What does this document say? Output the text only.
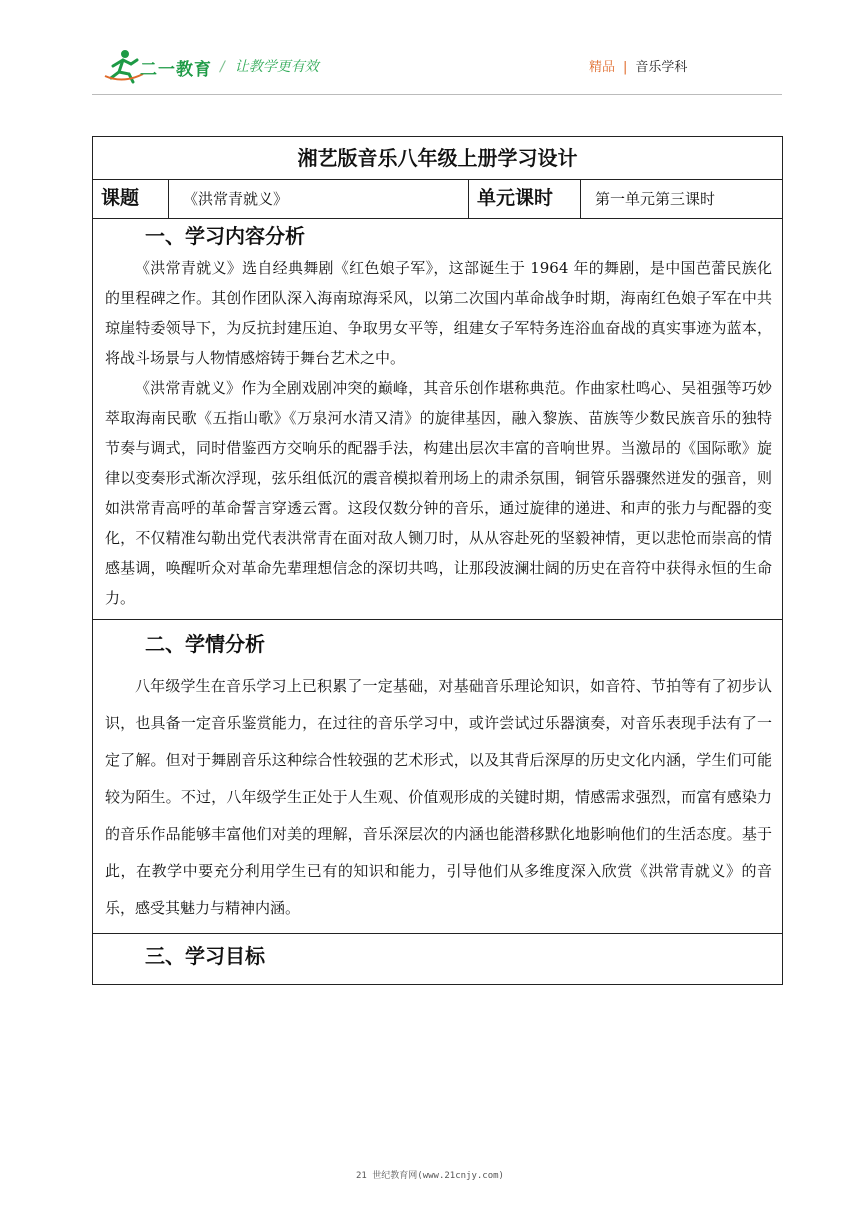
二一教育 / 让教学更有效	精品 | 音乐学科
湘艺版音乐八年级上册学习设计
课题	《洪常青就义》	单元课时	第一单元第三课时

一、学习内容分析

《洪常青就义》选自经典舞剧《红色娘子军》，这部诞生于 1964 年的舞剧，是中国芭蕾民族化的里程碑之作。其创作团队深入海南琼海采风，以第二次国内革命战争时期，海南红色娘子军在中共琼崖特委领导下，为反抗封建压迫、争取男女平等，组建女子军特务连浴血奋战的真实事迹为蓝本，将战斗场景与人物情感熔铸于舞台艺术之中。

《洪常青就义》作为全剧戏剧冲突的巅峰，其音乐创作堪称典范。作曲家杜鸣心、吴祖强等巧妙萃取海南民歌《五指山歌》《万泉河水清又清》的旋律基因，融入黎族、苗族等少数民族音乐的独特节奏与调式，同时借鉴西方交响乐的配器手法，构建出层次丰富的音响世界。当激昂的《国际歌》旋律以变奏形式渐次浮现，弦乐组低沉的震音模拟着刑场上的肃杀氛围，铜管乐器骤然迸发的强音，则如洪常青高呼的革命誓言穿透云霄。这段仅数分钟的音乐，通过旋律的递进、和声的张力与配器的变化，不仅精准勾勒出党代表洪常青在面对敌人铡刀时，从从容赴死的坚毅神情，更以悲怆而崇高的情感基调，唤醒听众对革命先辈理想信念的深切共鸣，让那段波澜壮阔的历史在音符中获得永恒的生命力。

二、学情分析

八年级学生在音乐学习上已积累了一定基础，对基础音乐理论知识，如音符、节拍等有了初步认识，也具备一定音乐鉴赏能力，在过往的音乐学习中，或许尝试过乐器演奏，对音乐表现手法有了一定了解。但对于舞剧音乐这种综合性较强的艺术形式，以及其背后深厚的历史文化内涵，学生们可能较为陌生。不过，八年级学生正处于人生观、价值观形成的关键时期，情感需求强烈，而富有感染力的音乐作品能够丰富他们对美的理解，音乐深层次的内涵也能潜移默化地影响他们的生活态度。基于此，在教学中要充分利用学生已有的知识和能力，引导他们从多维度深入欣赏《洪常青就义》的音乐，感受其魅力与精神内涵。

三、学习目标
21 世纪教育网(www.21cnjy.com)
